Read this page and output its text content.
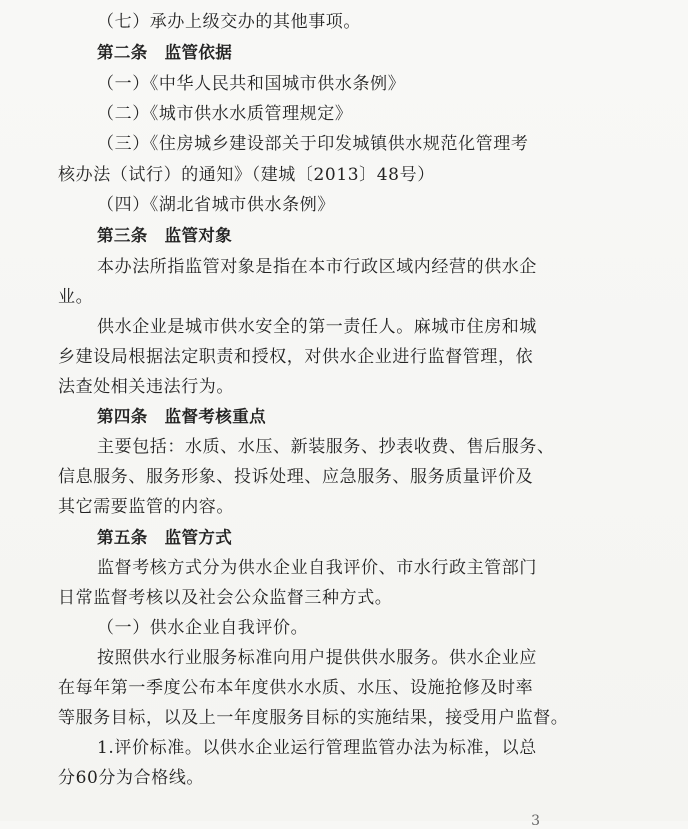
（七）承办上级交办的其他事项。
第二条　监管依据
（一）《中华人民共和国城市供水条例》
（二）《城市供水水质管理规定》
（三）《住房城乡建设部关于印发城镇供水规范化管理考
核办法（试行）的通知》（建城〔2013〕48号）
（四）《湖北省城市供水条例》
第三条　监管对象
本办法所指监管对象是指在本市行政区域内经营的供水企
业。
供水企业是城市供水安全的第一责任人。麻城市住房和城
乡建设局根据法定职责和授权，对供水企业进行监督管理，依
法查处相关违法行为。
第四条　监督考核重点
主要包括：水质、水压、新装服务、抄表收费、售后服务、
信息服务、服务形象、投诉处理、应急服务、服务质量评价及
其它需要监管的内容。
第五条　监管方式
监督考核方式分为供水企业自我评价、市水行政主管部门
日常监督考核以及社会公众监督三种方式。
（一）供水企业自我评价。
按照供水行业服务标准向用户提供供水服务。供水企业应
在每年第一季度公布本年度供水水质、水压、设施抢修及时率
等服务目标，以及上一年度服务目标的实施结果，接受用户监督。
1.评价标准。以供水企业运行管理监管办法为标准，以总
分60分为合格线。
3
